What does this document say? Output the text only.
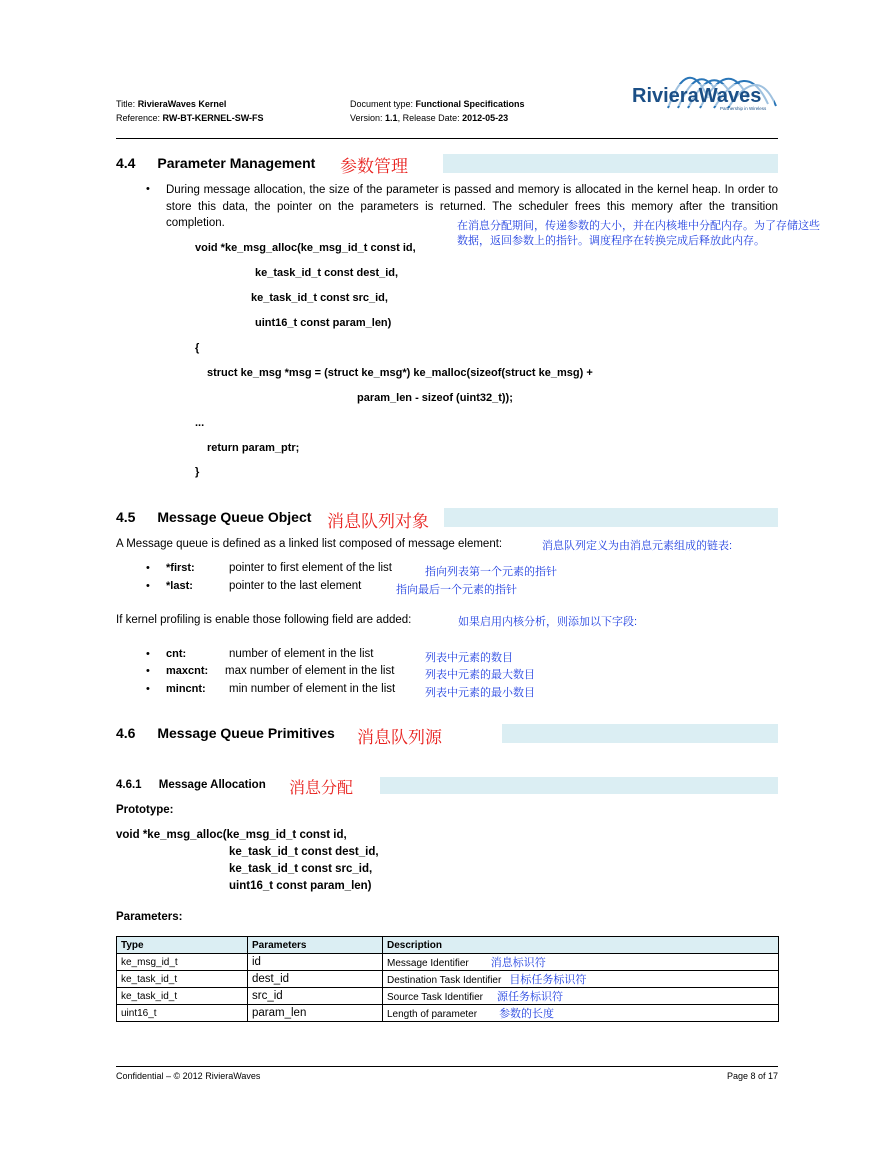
Title: RivieraWaves Kernel
Reference: RW-BT-KERNEL-SW-FS
Document type: Functional Specifications
Version: 1.1, Release Date: 2012-05-23
RivieraWaves
Partnership in Wireless
4.4 Parameter Management 参数管理
• During message allocation, the size of the parameter is passed and memory is allocated in the kernel heap. In order to store this data, the pointer on the parameters is returned. The scheduler frees this memory after the transition completion.	在消息分配期间，传递参数的大小，并在内核堆中分配内存。为了存储这些
数据，返回参数上的指针。调度程序在转换完成后释放此内存。
void *ke_msg_alloc(ke_msg_id_t const id,
ke_task_id_t const dest_id,
ke_task_id_t const src_id,
uint16_t const param_len)
{
struct ke_msg *msg = (struct ke_msg*) ke_malloc(sizeof(struct ke_msg) +
param_len - sizeof (uint32_t));
...
return param_ptr;
}
4.5 Message Queue Object 消息队列对象
A Message queue is defined as a linked list composed of message element:	消息队列定义为由消息元素组成的链表:
• *first:	pointer to first element of the list	指向列表第一个元素的指针
• *last:	pointer to the last element	指向最后一个元素的指针
If kernel profiling is enable those following field are added:	如果启用内核分析，则添加以下字段:
• cnt:	number of element in the list	列表中元素的数目
• maxcnt: max number of element in the list	列表中元素的最大数目
• mincnt: min number of element in the list	列表中元素的最小数目
4.6 Message Queue Primitives 消息队列源
4.6.1 Message Allocation 消息分配
Prototype:
void *ke_msg_alloc(ke_msg_id_t const id,
ke_task_id_t const dest_id,
ke_task_id_t const src_id,
uint16_t const param_len)
Parameters:
Type	Parameters	Description
ke_msg_id_t	id	Message Identifier 消息标识符
ke_task_id_t	dest_id	Destination Task Identifier 目标任务标识符
ke_task_id_t	src_id	Source Task Identifier 源任务标识符
uint16_t	param_len	Length of parameter 参数的长度
Confidential – © 2012 RivieraWaves	Page 8 of 17
